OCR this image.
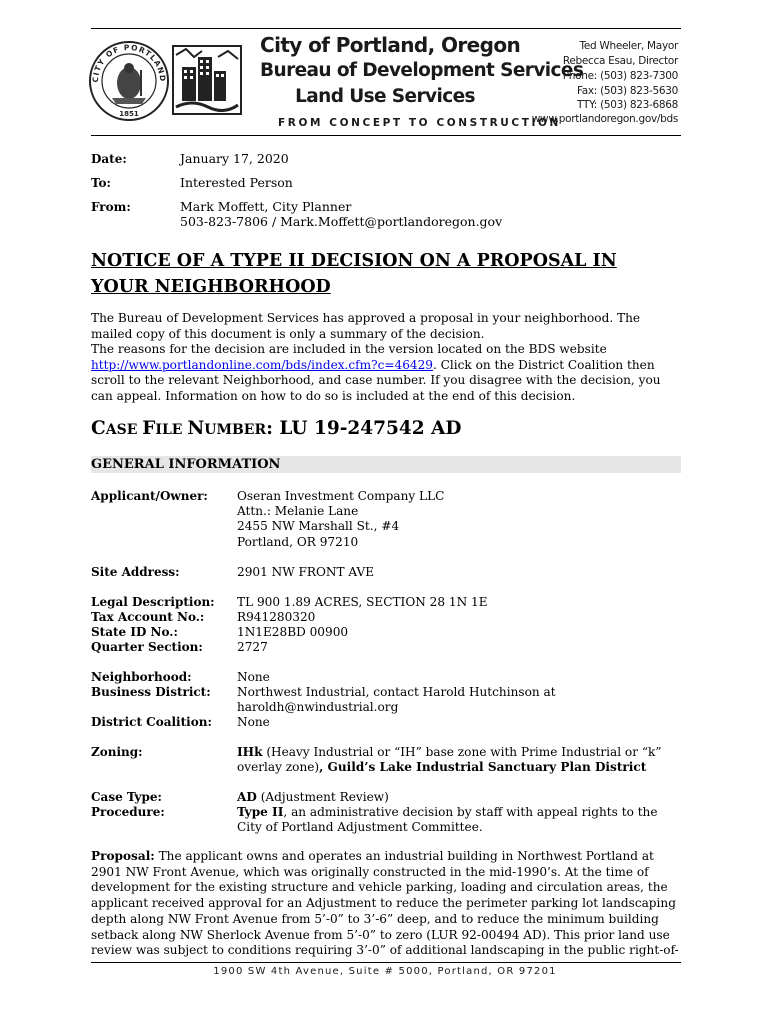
CITY OF PORTLAND
1851
City of Portland, Oregon
Bureau of Development Services
Land Use Services
FROM CONCEPT TO CONSTRUCTION
Ted Wheeler, Mayor
Rebecca Esau, Director
Phone: (503) 823-7300
Fax: (503) 823-5630
TTY: (503) 823-6868
www.portlandoregon.gov/bds
Date:	January 17, 2020
To:	Interested Person
From:	Mark Moffett, City Planner
503-823-7806 / Mark.Moffett@portlandoregon.gov
NOTICE OF A TYPE II DECISION ON A PROPOSAL IN
YOUR NEIGHBORHOOD
The Bureau of Development Services has approved a proposal in your neighborhood. The
mailed copy of this document is only a summary of the decision.
The reasons for the decision are included in the version located on the BDS website
http://www.portlandonline.com/bds/index.cfm?c=46429. Click on the District Coalition then
scroll to the relevant Neighborhood, and case number. If you disagree with the decision, you
can appeal. Information on how to do so is included at the end of this decision.
CASE FILE NUMBER: LU 19-247542 AD
GENERAL INFORMATION
Applicant/Owner: Oseran Investment Company LLC
Attn.: Melanie Lane
2455 NW Marshall St., #4
Portland, OR 97210
Site Address:	2901 NW FRONT AVE
Legal Description: TL 900 1.89 ACRES, SECTION 28 1N 1E
Tax Account No.:	R941280320
State ID No.:	1N1E28BD 00900
Quarter Section:	2727
Neighborhood:	None
Business District: Northwest Industrial, contact Harold Hutchinson at
haroldh@nwindustrial.org
District Coalition: None
Zoning:	IHk (Heavy Industrial or “IH” base zone with Prime Industrial or “k”
overlay zone), Guild’s Lake Industrial Sanctuary Plan District
Case Type:	AD (Adjustment Review)
Procedure:	Type II, an administrative decision by staff with appeal rights to the
City of Portland Adjustment Committee.
Proposal: The applicant owns and operates an industrial building in Northwest Portland at
2901 NW Front Avenue, which was originally constructed in the mid-1990’s. At the time of
development for the existing structure and vehicle parking, loading and circulation areas, the
applicant received approval for an Adjustment to reduce the perimeter parking lot landscaping
depth along NW Front Avenue from 5’-0” to 3’-6” deep, and to reduce the minimum building
setback along NW Sherlock Avenue from 5’-0” to zero (LUR 92-00494 AD). This prior land use
review was subject to conditions requiring 3’-0” of additional landscaping in the public right-of-
1900 SW 4th Avenue, Suite # 5000, Portland, OR 97201
